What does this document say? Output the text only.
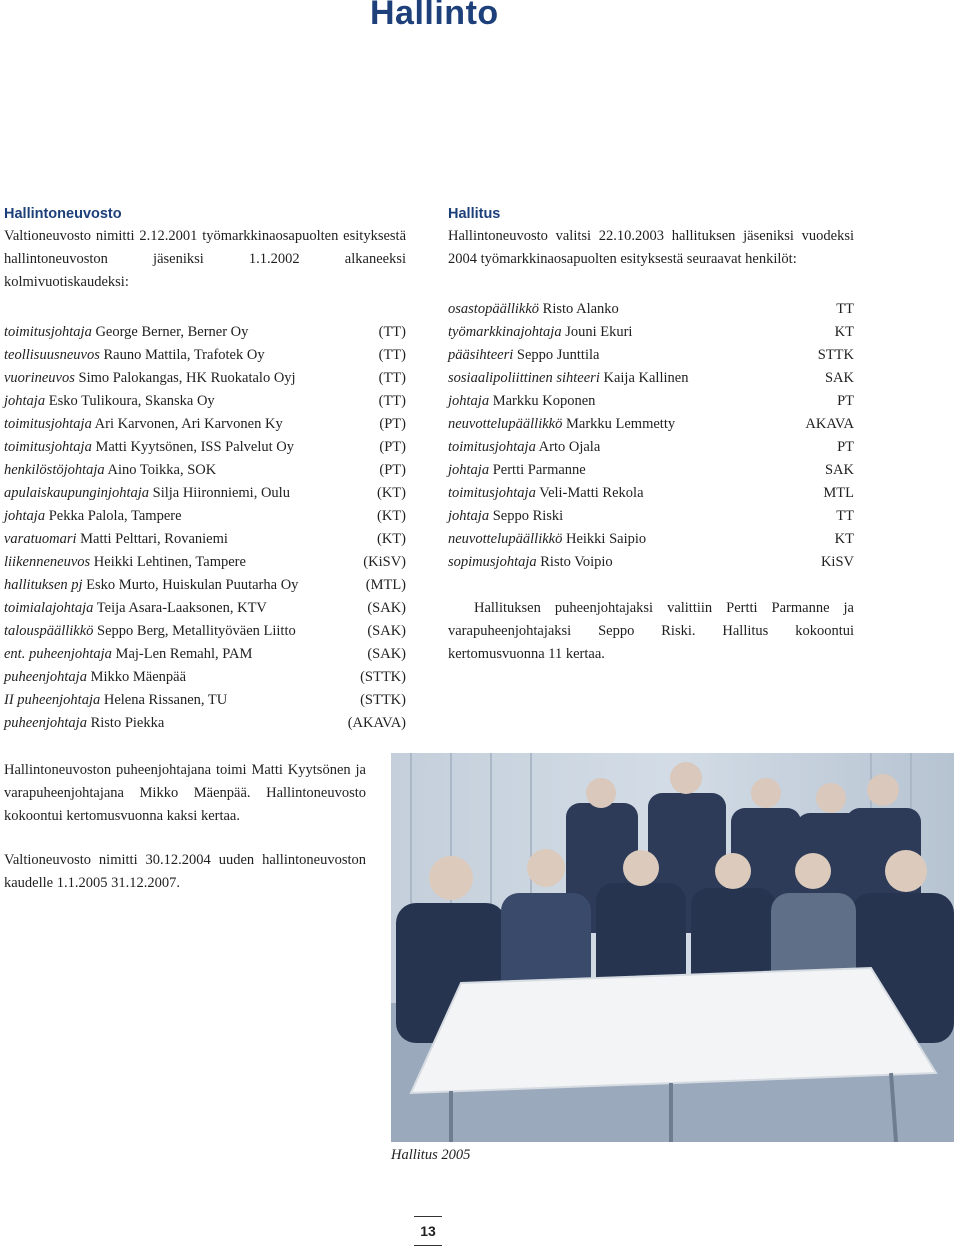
Hallinto
Hallintoneuvosto

Valtioneuvosto nimitti 2.12.2001 työmarkkinaosapuolten esityksestä hallintoneuvoston jäseniksi 1.1.2002 alkaneeksi kolmivuotiskaudeksi:

toimitusjohtaja George Berner, Berner Oy	(TT)
teollisuusneuvos Rauno Mattila, Trafotek Oy	(TT)
vuorineuvos Simo Palokangas, HK Ruokatalo Oyj	(TT)
johtaja Esko Tulikoura, Skanska Oy	(TT)
toimitusjohtaja Ari Karvonen, Ari Karvonen Ky	(PT)
toimitusjohtaja Matti Kyytsönen, ISS Palvelut Oy	(PT)
henkilöstöjohtaja Aino Toikka, SOK	(PT)
apulaiskaupunginjohtaja Silja Hiironniemi, Oulu	(KT)
johtaja Pekka Palola, Tampere	(KT)
varatuomari Matti Pelttari, Rovaniemi	(KT)
liikenneneuvos Heikki Lehtinen, Tampere	(KiSV)
hallituksen pj Esko Murto, Huiskulan Puutarha Oy	(MTL)
toimialajohtaja Teija Asara-Laaksonen, KTV	(SAK)
talouspäällikkö Seppo Berg, Metallityöväen Liitto	(SAK)
ent. puheenjohtaja Maj-Len Remahl, PAM	(SAK)
puheenjohtaja Mikko Mäenpää	(STTK)
II puheenjohtaja Helena Rissanen, TU	(STTK)
puheenjohtaja Risto Piekka	(AKAVA)
Hallintoneuvoston puheenjohtajana toimi Matti Kyytsönen ja varapuheenjohtajana Mikko Mäenpää. Hallintoneuvosto kokoontui kertomusvuonna kaksi kertaa.
Valtioneuvosto nimitti 30.12.2004 uuden hallintoneuvoston kaudelle 1.1.2005 31.12.2007.
Hallitus

Hallintoneuvosto valitsi 22.10.2003 hallituksen jäseniksi vuodeksi 2004 työmarkkinaosapuolten esityksestä seuraavat henkilöt:

osastopäällikkö Risto Alanko	TT
työmarkkinajohtaja Jouni Ekuri	KT
pääsihteeri Seppo Junttila	STTK
sosiaalipoliittinen sihteeri Kaija Kallinen	SAK
johtaja Markku Koponen	PT
neuvottelupäällikkö Markku Lemmetty	AKAVA
toimitusjohtaja Arto Ojala	PT
johtaja Pertti Parmanne	SAK
toimitusjohtaja Veli-Matti Rekola	MTL
johtaja Seppo Riski	TT
neuvottelupäällikkö Heikki Saipio	KT
sopimusjohtaja Risto Voipio	KiSV
Hallituksen puheenjohtajaksi valittiin Pertti Parmanne ja varapuheenjohtajaksi Seppo Riski. Hallitus kokoontui kertomusvuonna 11 kertaa.
Hallitus 2005
13
